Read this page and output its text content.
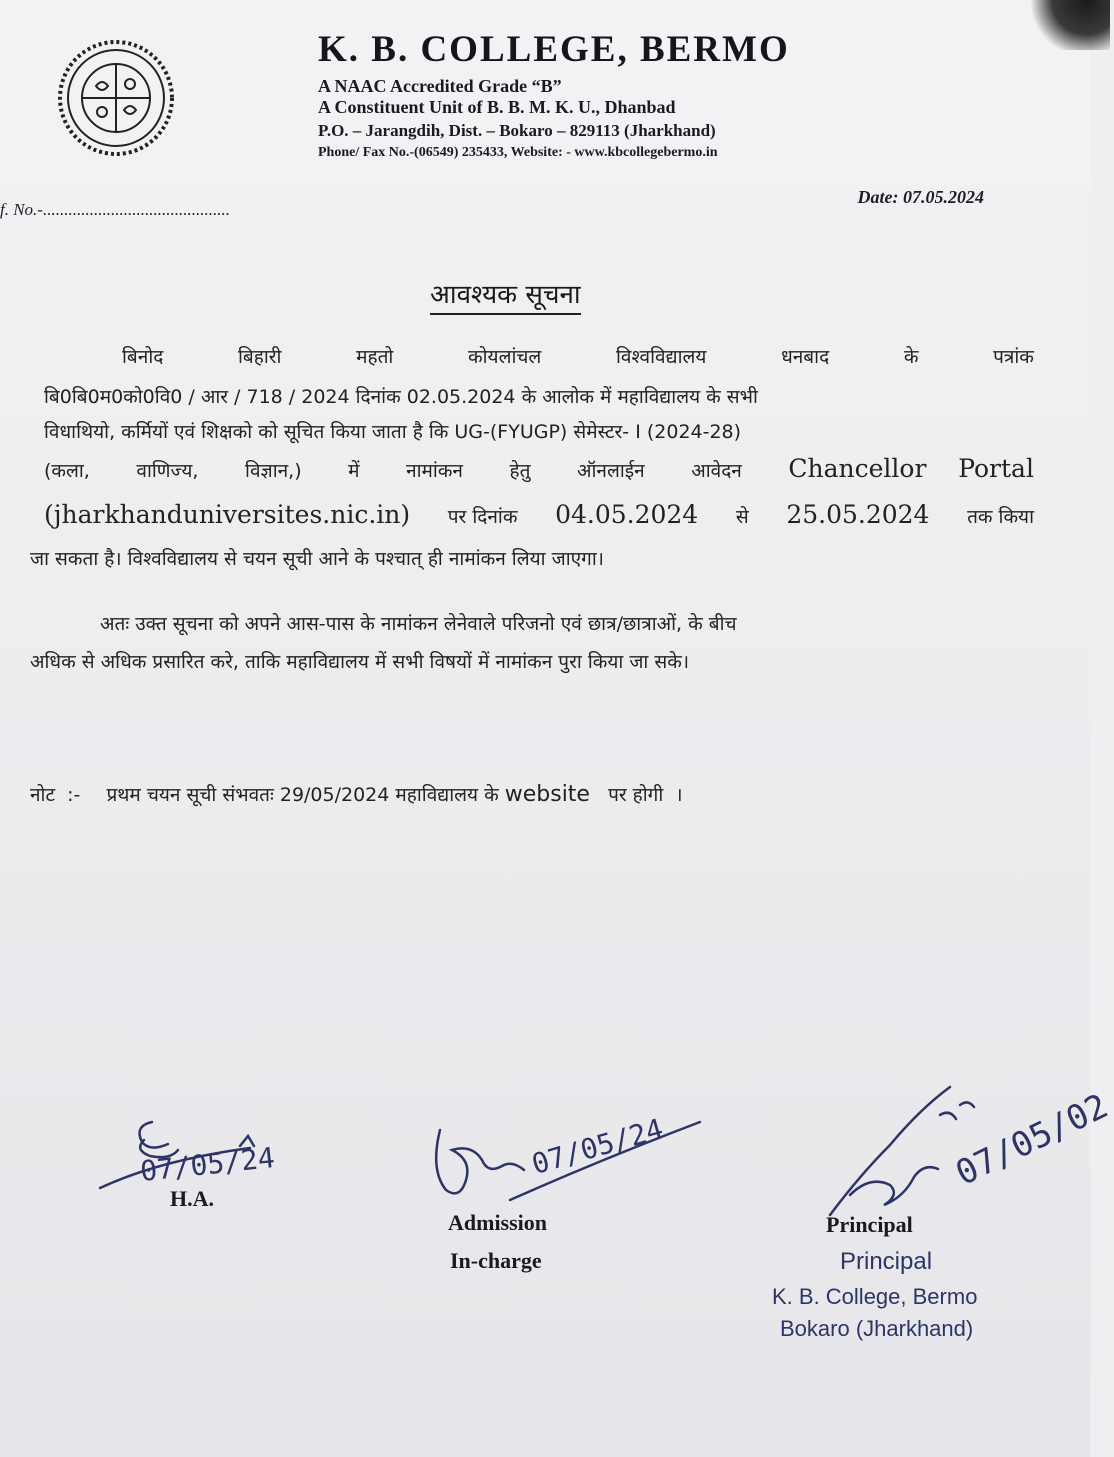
K. B. COLLEGE, BERMO
A NAAC Accredited Grade “B”
A Constituent Unit of B. B. M. K. U., Dhanbad
P.O. – Jarangdih, Dist. – Bokaro – 829113 (Jharkhand)
Phone/ Fax No.-(06549) 235433, Website: - www.kbcollegebermo.in
f. No.-............................................
Date: 07.05.2024
आवश्यक सूचना
बिनोद	बिहारी	महतो	कोयलांचल	विश्वविद्यालय	धनबाद	के	पत्रांक
बि0बि0म0को0वि0 / आर / 718 / 2024 दिनांक 02.05.2024 के आलोक में महाविद्यालय के सभी
विधाथियो, कर्मियों एवं शिक्षको को सूचित किया जाता है कि UG-(FYUGP) सेमेस्टर- I (2024-28)
(कला, वाणिज्य, विज्ञान,) में नामांकन हेतु ऑनलाईन आवेदन Chancellor    Portal
(jharkhanduniversites.nic.in) पर दिनांक 04.05.2024 से 25.05.2024 तक किया
जा सकता है। विश्वविद्यालय से चयन सूची आने के पश्चात् ही नामांकन लिया जाएगा।
अतः उक्त सूचना को अपने आस-पास के नामांकन लेनेवाले परिजनो एवं छात्र/छात्राओं, के बीच
अधिक से अधिक प्रसारित करे, ताकि महाविद्यालय में सभी विषयों में नामांकन पुरा किया जा सके।
नोट  :- प्रथम चयन सूची संभवतः 29/05/2024 महाविद्यालय के website पर होगी  ।
07/05/24
H.A.
07/05/24
Admission
In-charge
07/05/02
Principal
Principal
K. B. College, Bermo
Bokaro (Jharkhand)
